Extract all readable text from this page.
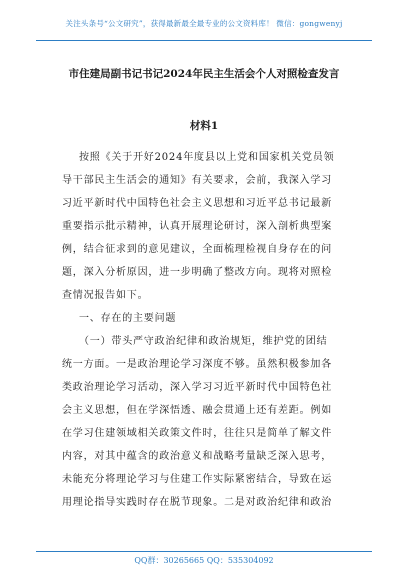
关注头条号“公文研究”，获得最新最全最专业的公文资料库！ 微信：gongwenyj
市住建局副书记书记2024年民主生活会个人对照检查发言
材料1
按照《关于开好2024年度县以上党和国家机关党员领
导干部民主生活会的通知》有关要求，会前，我深入学习
习近平新时代中国特色社会主义思想和习近平总书记最新
重要指示批示精神，认真开展理论研讨，深入剖析典型案
例，结合征求到的意见建议，全面梳理检视自身存在的问
题，深入分析原因，进一步明确了整改方向。现将对照检
查情况报告如下。
一、存在的主要问题
（一）带头严守政治纪律和政治规矩，维护党的团结
统一方面。一是政治理论学习深度不够。虽然积极参加各
类政治理论学习活动，深入学习习近平新时代中国特色社
会主义思想，但在学深悟透、融会贯通上还有差距。例如
在学习住建领域相关政策文件时，往往只是简单了解文件
内容，对其中蕴含的政治意义和战略考量缺乏深入思考，
未能充分将理论学习与住建工作实际紧密结合，导致在运
用理论指导实践时存在脱节现象。二是对政治纪律和政治
QQ群：30265665 QQ：535304092
